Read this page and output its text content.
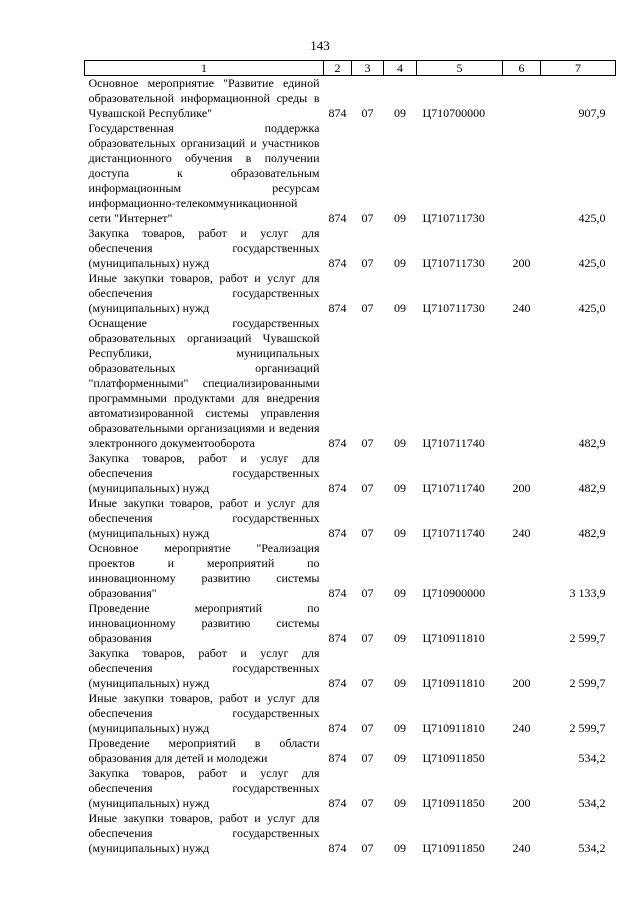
143
1	2	3	4	5	6	7
Основное мероприятие "Развитие единой образовательной информационной среды в Чувашской Республике"	874	07	09	Ц710700000		907,9
Государственная поддержка образовательных организаций и участников дистанционного обучения в получении доступа к образовательным информационным ресурсам информационно-телекоммуникационной сети "Интернет"	874	07	09	Ц710711730		425,0
Закупка товаров, работ и услуг для обеспечения государственных (муниципальных) нужд	874	07	09	Ц710711730	200	425,0
Иные закупки товаров, работ и услуг для обеспечения государственных (муниципальных) нужд	874	07	09	Ц710711730	240	425,0
Оснащение государственных образовательных организаций Чувашской Республики, муниципальных образовательных организаций "платформенными" специализированными программными продуктами для внедрения автоматизированной системы управления образовательными организациями и ведения электронного документооборота	874	07	09	Ц710711740		482,9
Закупка товаров, работ и услуг для обеспечения государственных (муниципальных) нужд	874	07	09	Ц710711740	200	482,9
Иные закупки товаров, работ и услуг для обеспечения государственных (муниципальных) нужд	874	07	09	Ц710711740	240	482,9
Основное мероприятие "Реализация проектов и мероприятий по инновационному развитию системы образования"	874	07	09	Ц710900000		3 133,9
Проведение мероприятий по инновационному развитию системы образования	874	07	09	Ц710911810		2 599,7
Закупка товаров, работ и услуг для обеспечения государственных (муниципальных) нужд	874	07	09	Ц710911810	200	2 599,7
Иные закупки товаров, работ и услуг для обеспечения государственных (муниципальных) нужд	874	07	09	Ц710911810	240	2 599,7
Проведение мероприятий в области образования для детей и молодежи	874	07	09	Ц710911850		534,2
Закупка товаров, работ и услуг для обеспечения государственных (муниципальных) нужд	874	07	09	Ц710911850	200	534,2
Иные закупки товаров, работ и услуг для обеспечения государственных (муниципальных) нужд	874	07	09	Ц710911850	240	534,2
